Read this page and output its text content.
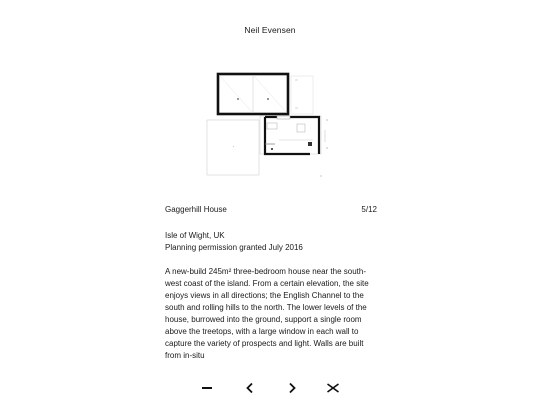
Neil Evensen
Gaggerhill House	5/12
Isle of Wight, UK
Planning permission granted July 2016

A new-build 245m² three-bedroom house near the south-west coast of the island. From a certain elevation, the site enjoys views in all directions; the English Channel to the south and rolling hills to the north. The lower levels of the house, burrowed into the ground, support a single room above the treetops, with a large window in each wall to capture the variety of prospects and light. Walls are built from in-situ
